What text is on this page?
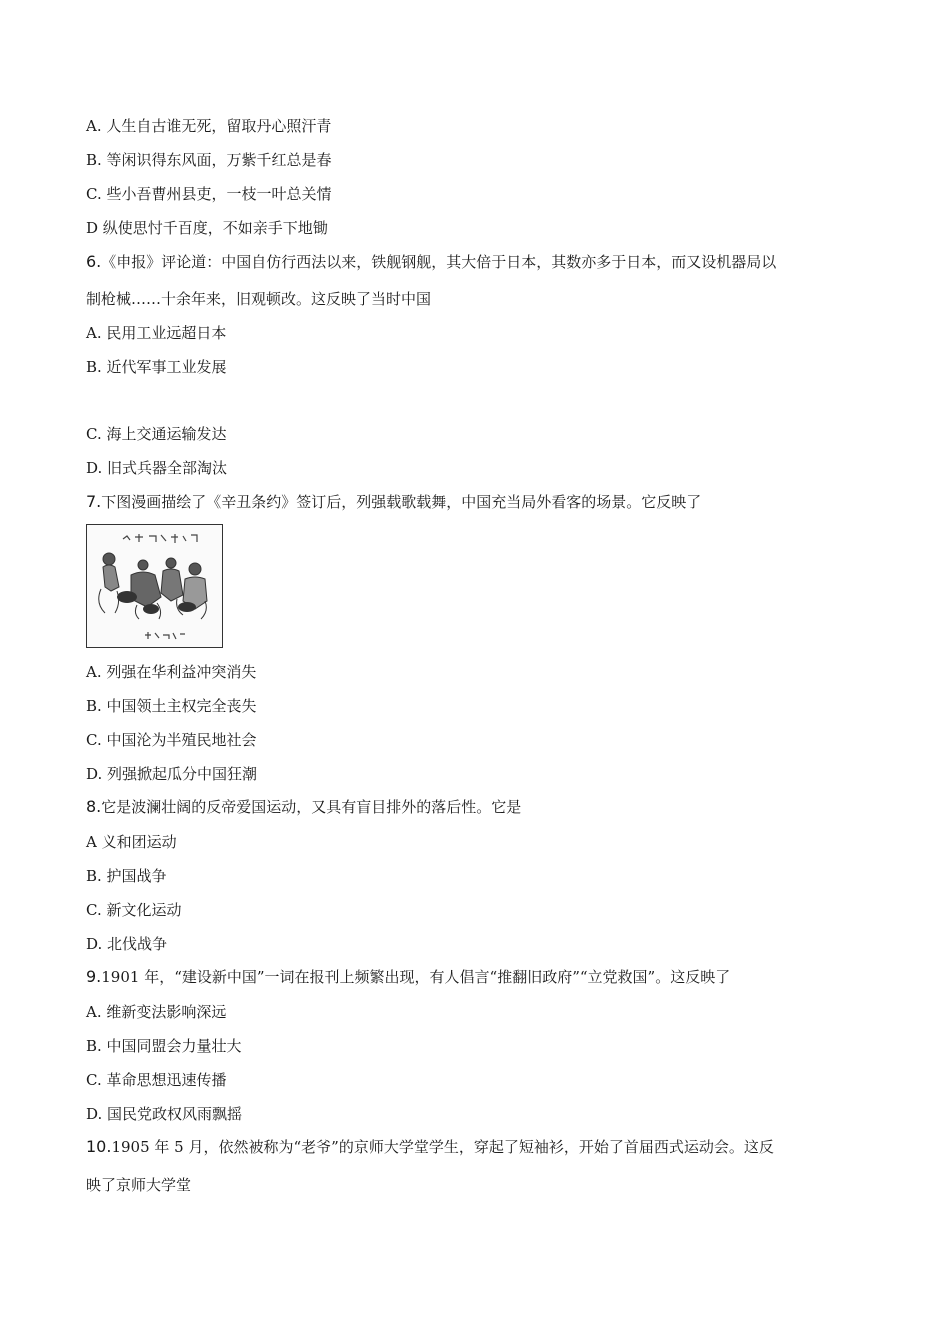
A. 人生自古谁无死，留取丹心照汗青
B. 等闲识得东风面，万紫千红总是春
C. 些小吾曹州县吏，一枝一叶总关情
D 纵使思忖千百度，不如亲手下地锄
6.《申报》评论道：中国自仿行西法以来，铁舰钢舰，其大倍于日本，其数亦多于日本，而又设机器局以
制枪械……十余年来，旧观顿改。这反映了当时中国
A. 民用工业远超日本
B. 近代军事工业发展
C. 海上交通运输发达
D. 旧式兵器全部淘汰
7.下图漫画描绘了《辛丑条约》签订后，列强载歌载舞，中国充当局外看客的场景。它反映了
A. 列强在华利益冲突消失
B. 中国领土主权完全丧失
C. 中国沦为半殖民地社会
D. 列强掀起瓜分中国狂潮
8.它是波澜壮阔的反帝爱国运动，又具有盲目排外的落后性。它是
A 义和团运动
B. 护国战争
C. 新文化运动
D. 北伐战争
9.1901 年，“建设新中国”一词在报刊上频繁出现，有人倡言“推翻旧政府”“立党救国”。这反映了
A. 维新变法影响深远
B. 中国同盟会力量壮大
C. 革命思想迅速传播
D. 国民党政权风雨飘摇
10.1905 年 5 月，依然被称为“老爷”的京师大学堂学生，穿起了短袖衫，开始了首届西式运动会。这反
映了京师大学堂
